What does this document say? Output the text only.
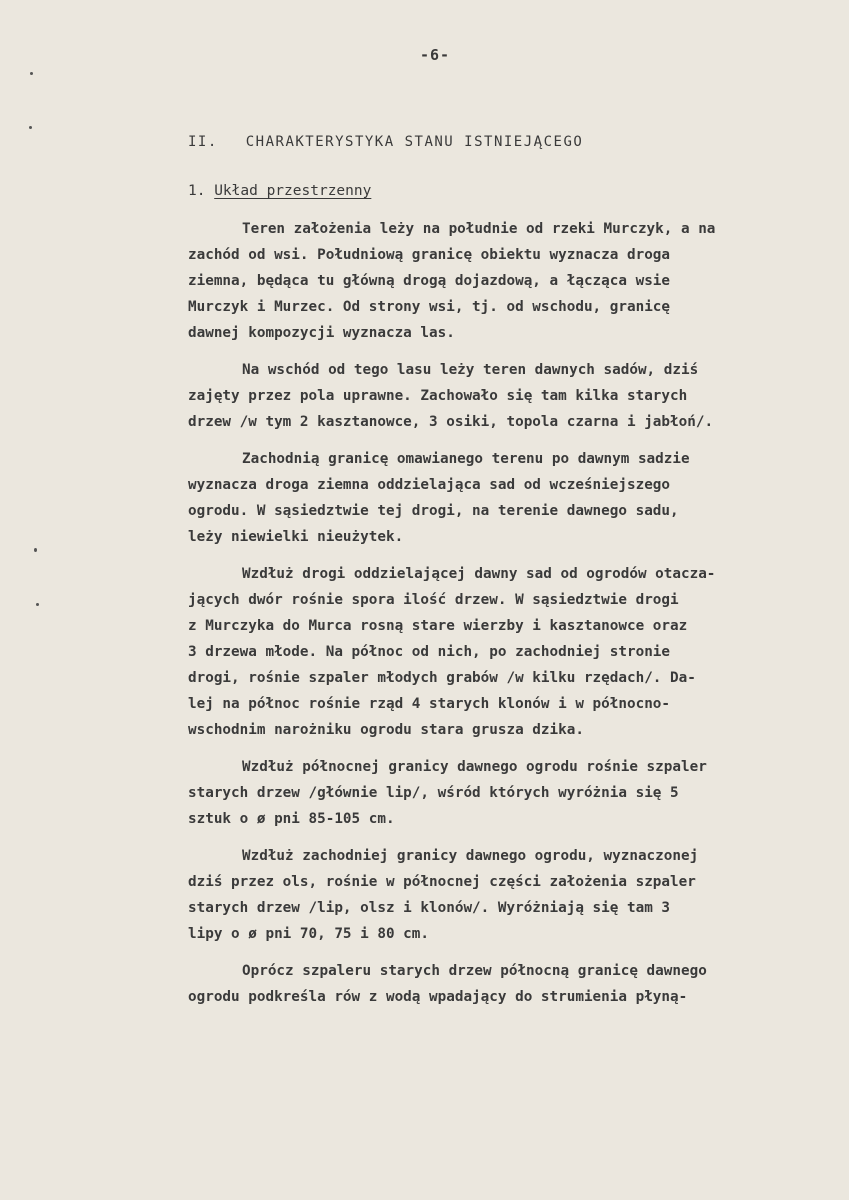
-6-
II. CHARAKTERYSTYKA STANU ISTNIEJĄCEGO
1. Układ przestrzenny
Teren założenia leży na południe od rzeki Murczyk, a na
zachód od wsi. Południową granicę obiektu wyznacza droga
ziemna, będąca tu główną drogą dojazdową, a łącząca wsie
Murczyk i Murzec. Od strony wsi, tj. od wschodu, granicę
dawnej kompozycji wyznacza las.
Na wschód od tego lasu leży teren dawnych sadów, dziś
zajęty przez pola uprawne. Zachowało się tam kilka starych
drzew /w tym 2 kasztanowce, 3 osiki, topola czarna i jabłoń/.
Zachodnią granicę omawianego terenu po dawnym sadzie
wyznacza droga ziemna oddzielająca sad od wcześniejszego
ogrodu. W sąsiedztwie tej drogi, na terenie dawnego sadu,
leży niewielki nieużytek.
Wzdłuż drogi oddzielającej dawny sad od ogrodów otacza-
jących dwór rośnie spora ilość drzew. W sąsiedztwie drogi
z Murczyka do Murca rosną stare wierzby i kasztanowce oraz
3 drzewa młode. Na północ od nich, po zachodniej stronie
drogi, rośnie szpaler młodych grabów /w kilku rzędach/. Da-
lej na północ rośnie rząd 4 starych klonów i w północno-
wschodnim narożniku ogrodu stara grusza dzika.
Wzdłuż północnej granicy dawnego ogrodu rośnie szpaler
starych drzew /głównie lip/, wśród których wyróżnia się 5
sztuk o ø pni 85-105 cm.
Wzdłuż zachodniej granicy dawnego ogrodu, wyznaczonej
dziś przez ols, rośnie w północnej części założenia szpaler
starych drzew /lip, olsz i klonów/. Wyróżniają się tam 3
lipy o ø pni 70, 75 i 80 cm.
Oprócz szpaleru starych drzew północną granicę dawnego
ogrodu podkreśla rów z wodą wpadający do strumienia płyną-
